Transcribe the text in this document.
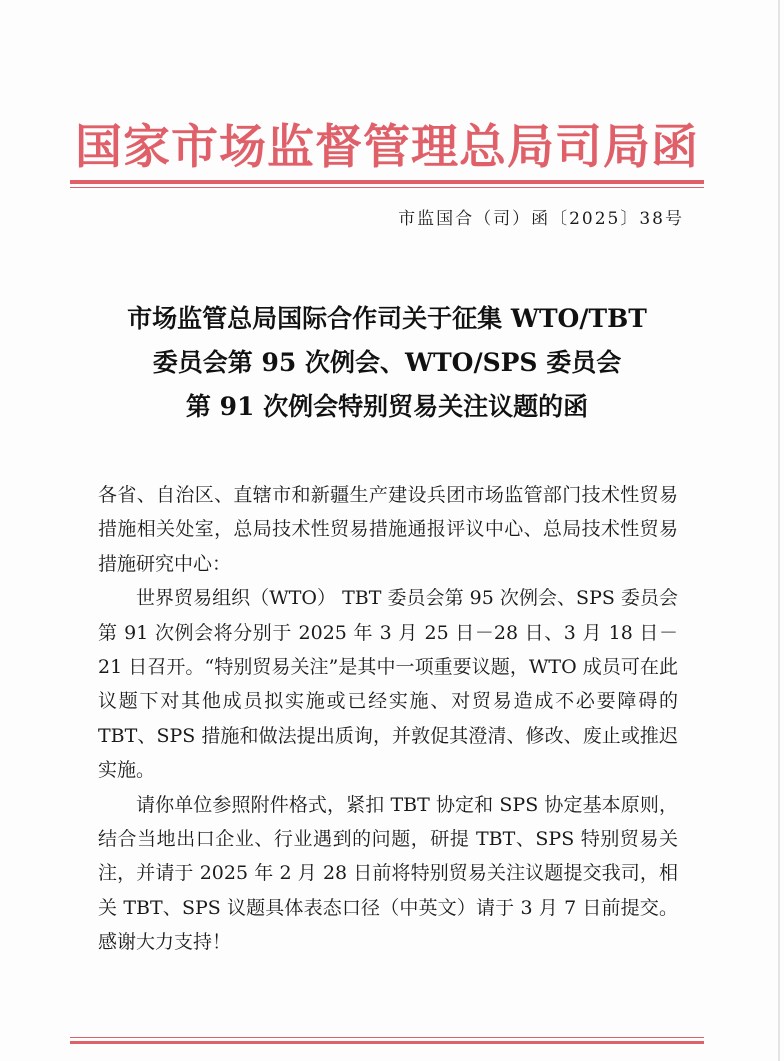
国家市场监督管理总局司局函
市监国合（司）函〔2025〕38号
市场监管总局国际合作司关于征集 WTO/TBT
委员会第 95 次例会、WTO/SPS 委员会
第 91 次例会特别贸易关注议题的函

各省、自治区、直辖市和新疆生产建设兵团市场监管部门技术性贸易措施相关处室，总局技术性贸易措施通报评议中心、总局技术性贸易措施研究中心：

世界贸易组织（WTO） TBT 委员会第 95 次例会、SPS 委员会第 91 次例会将分别于 2025 年 3 月 25 日－28 日、3 月 18 日－21 日召开。“特别贸易关注”是其中一项重要议题，WTO 成员可在此议题下对其他成员拟实施或已经实施、对贸易造成不必要障碍的 TBT、SPS 措施和做法提出质询，并敦促其澄清、修改、废止或推迟实施。

请你单位参照附件格式，紧扣 TBT 协定和 SPS 协定基本原则，结合当地出口企业、行业遇到的问题，研提 TBT、SPS 特别贸易关注，并请于 2025 年 2 月 28 日前将特别贸易关注议题提交我司，相关 TBT、SPS 议题具体表态口径（中英文）请于 3 月 7 日前提交。感谢大力支持！
